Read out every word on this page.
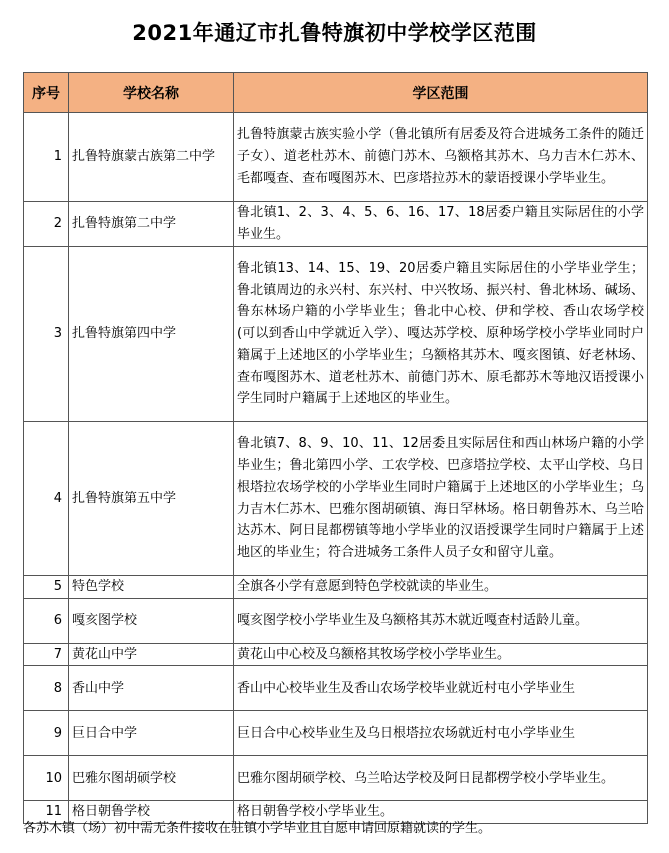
2021年通辽市扎鲁特旗初中学校学区范围
序号	学校名称	学区范围
1	扎鲁特旗蒙古族第二中学	扎鲁特旗蒙古族实验小学（鲁北镇所有居委及符合进城务工条件的随迁子女）、道老杜苏木、前德门苏木、乌额格其苏木、乌力吉木仁苏木、毛都嘎查、查布嘎图苏木、巴彦塔拉苏木的蒙语授课小学毕业生。
2	扎鲁特旗第二中学	鲁北镇1、2、3、4、5、6、16、17、18居委户籍且实际居住的小学毕业生。
3	扎鲁特旗第四中学	鲁北镇13、14、15、19、20居委户籍且实际居住的小学毕业学生；鲁北镇周边的永兴村、东兴村、中兴牧场、振兴村、鲁北林场、碱场、鲁东林场户籍的小学毕业生；鲁北中心校、伊和学校、香山农场学校(可以到香山中学就近入学）、嘎达苏学校、原种场学校小学毕业同时户籍属于上述地区的小学毕业生；乌额格其苏木、嘎亥图镇、好老林场、查布嘎图苏木、道老杜苏木、前德门苏木、原毛都苏木等地汉语授课小学生同时户籍属于上述地区的毕业生。
4	扎鲁特旗第五中学	鲁北镇7、8、9、10、11、12居委且实际居住和西山林场户籍的小学毕业生；鲁北第四小学、工农学校、巴彦塔拉学校、太平山学校、乌日根塔拉农场学校的小学毕业生同时户籍属于上述地区的小学毕业生；乌力吉木仁苏木、巴雅尔图胡硕镇、海日罕林场。格日朝鲁苏木、乌兰哈达苏木、阿日昆都楞镇等地小学毕业的汉语授课学生同时户籍属于上述地区的毕业生；符合进城务工条件人员子女和留守儿童。
5	特色学校	全旗各小学有意愿到特色学校就读的毕业生。
6	嘎亥图学校	嘎亥图学校小学毕业生及乌额格其苏木就近嘎查村适龄儿童。
7	黄花山中学	黄花山中心校及乌额格其牧场学校小学毕业生。
8	香山中学	香山中心校毕业生及香山农场学校毕业就近村屯小学毕业生
9	巨日合中学	巨日合中心校毕业生及乌日根塔拉农场就近村屯小学毕业生
10	巴雅尔图胡硕学校	巴雅尔图胡硕学校、乌兰哈达学校及阿日昆都楞学校小学毕业生。
11	格日朝鲁学校	格日朝鲁学校小学毕业生。
各苏木镇（场）初中需无条件接收在驻镇小学毕业且自愿申请回原籍就读的学生。
